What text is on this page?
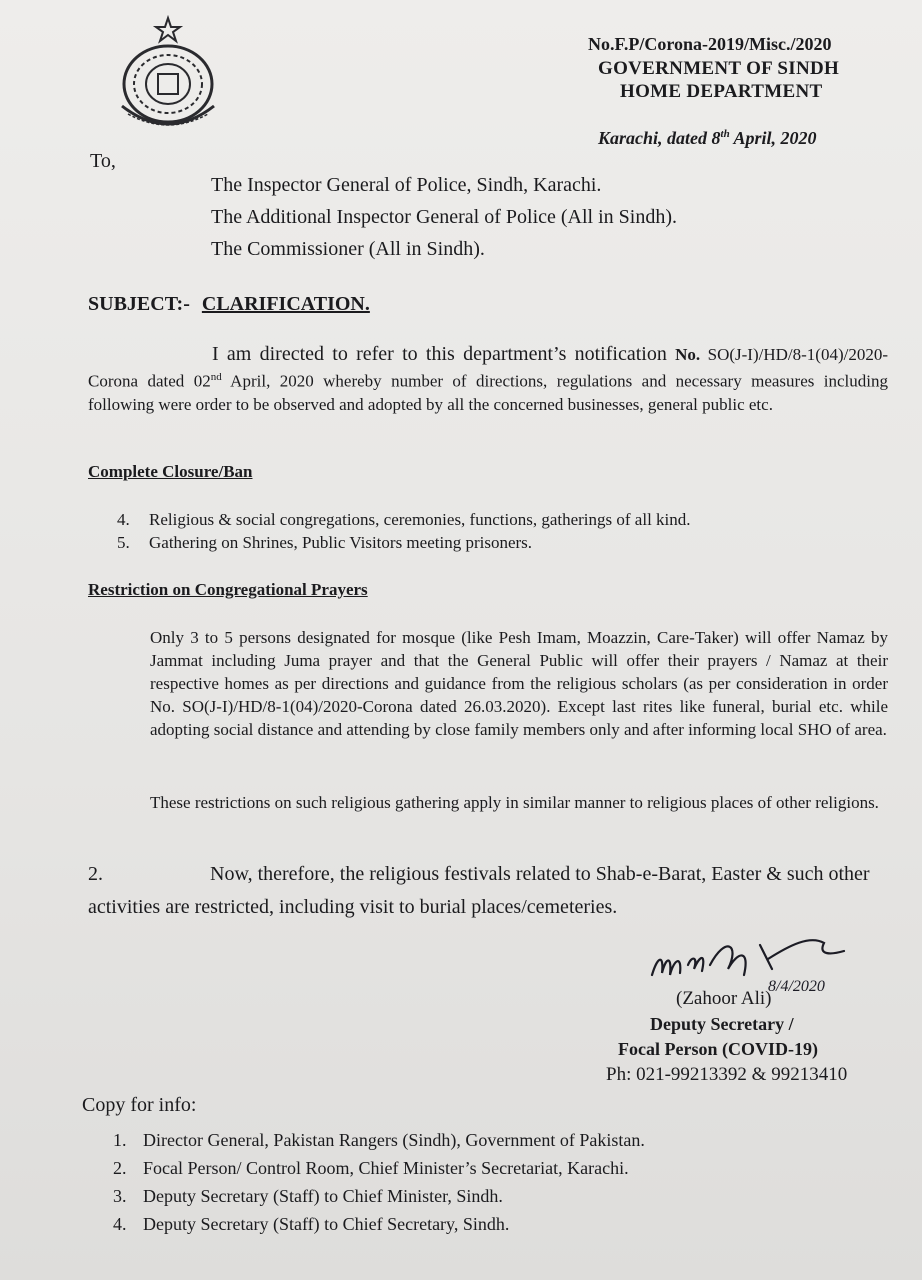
No.F.P/Corona-2019/Misc./2020
GOVERNMENT OF SINDH
HOME DEPARTMENT
Karachi, dated 8th April, 2020
To,
The Inspector General of Police, Sindh, Karachi.
The Additional Inspector General of Police (All in Sindh).
The Commissioner (All in Sindh).
SUBJECT:- CLARIFICATION.
I am directed to refer to this department’s notification No. SO(J-I)/HD/8-1(04)/2020-Corona dated 02nd April, 2020 whereby number of directions, regulations and necessary measures including following were order to be observed and adopted by all the concerned businesses, general public etc.
Complete Closure/Ban
4. Religious & social congregations, ceremonies, functions, gatherings of all kind.
5. Gathering on Shrines, Public Visitors meeting prisoners.
Restriction on Congregational Prayers
Only 3 to 5 persons designated for mosque (like Pesh Imam, Moazzin, Care-Taker) will offer Namaz by Jammat including Juma prayer and that the General Public will offer their prayers / Namaz at their respective homes as per directions and guidance from the religious scholars (as per consideration in order No. SO(J-I)/HD/8-1(04)/2020-Corona dated 26.03.2020). Except last rites like funeral, burial etc. while adopting social distance and attending by close family members only and after informing local SHO of area.
These restrictions on such religious gathering apply in similar manner to religious places of other religions.
2.	Now, therefore, the religious festivals related to Shab-e-Barat, Easter & such other activities are restricted, including visit to burial places/cemeteries.
8/4/2020
(Zahoor Ali)
Deputy Secretary /
Focal Person (COVID-19)
Ph: 021-99213392 & 99213410
Copy for info:
1. Director General, Pakistan Rangers (Sindh), Government of Pakistan.
2. Focal Person/ Control Room, Chief Minister’s Secretariat, Karachi.
3. Deputy Secretary (Staff) to Chief Minister, Sindh.
4. Deputy Secretary (Staff) to Chief Secretary, Sindh.
